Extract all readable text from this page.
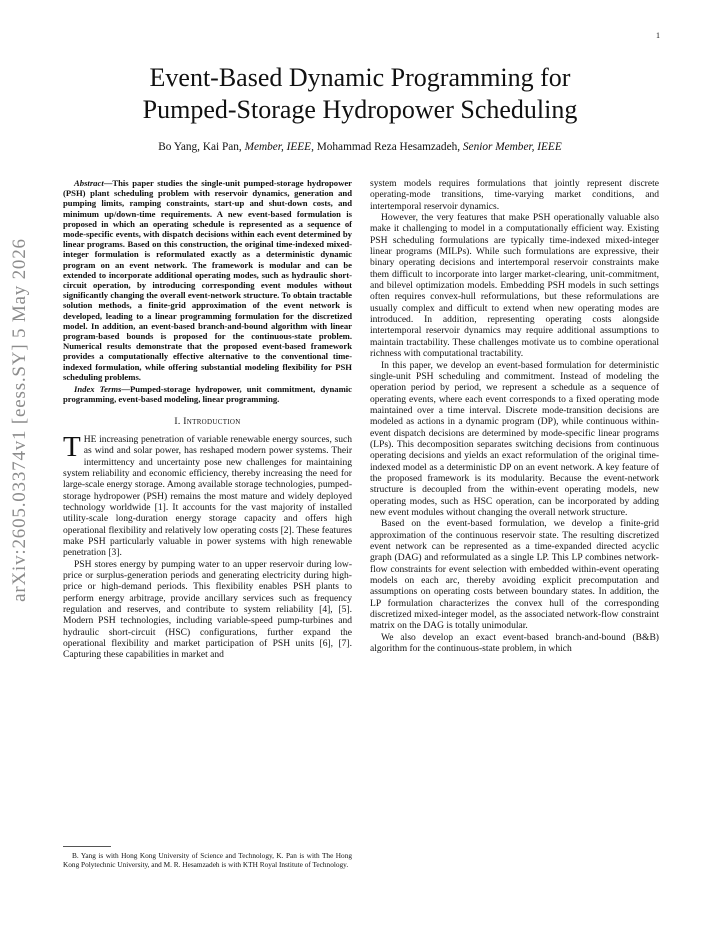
1
arXiv:2605.03374v1 [eess.SY] 5 May 2026
Event-Based Dynamic Programming for
Pumped-Storage Hydropower Scheduling
Bo Yang, Kai Pan, Member, IEEE, Mohammad Reza Hesamzadeh, Senior Member, IEEE

Abstract—This paper studies the single-unit pumped-storage hydropower (PSH) plant scheduling problem with reservoir dynamics, generation and pumping limits, ramping constraints, start-up and shut-down costs, and minimum up/down-time requirements. A new event-based formulation is proposed in which an operating schedule is represented as a sequence of mode-specific events, with dispatch decisions within each event determined by linear programs. Based on this construction, the original time-indexed mixed-integer formulation is reformulated exactly as a deterministic dynamic program on an event network. The framework is modular and can be extended to incorporate additional operating modes, such as hydraulic short-circuit operation, by introducing corresponding event modules without significantly changing the overall event-network structure. To obtain tractable solution methods, a finite-grid approximation of the event network is developed, leading to a linear programming formulation for the discretized model. In addition, an event-based branch-and-bound algorithm with linear program-based bounds is proposed for the continuous-state problem. Numerical results demonstrate that the proposed event-based framework provides a computationally effective alternative to the conventional time-indexed formulation, while offering substantial modeling flexibility for PSH scheduling problems.

Index Terms—Pumped-storage hydropower, unit commitment, dynamic programming, event-based modeling, linear programming.

I. Introduction

THE increasing penetration of variable renewable energy sources, such as wind and solar power, has reshaped modern power systems. Their intermittency and uncertainty pose new challenges for maintaining system reliability and economic efficiency, thereby increasing the need for large-scale energy storage. Among available storage technologies, pumped-storage hydropower (PSH) remains the most mature and widely deployed technology worldwide [1]. It accounts for the vast majority of installed utility-scale long-duration energy storage capacity and offers high operational flexibility and relatively low operating costs [2]. These features make PSH particularly valuable in power systems with high renewable penetration [3].

PSH stores energy by pumping water to an upper reservoir during low-price or surplus-generation periods and generating electricity during high-price or high-demand periods. This flexibility enables PSH plants to perform energy arbitrage, provide ancillary services such as frequency regulation and reserves, and contribute to system reliability [4], [5]. Modern PSH technologies, including variable-speed pump-turbines and hydraulic short-circuit (HSC) configurations, further expand the operational flexibility and market participation of PSH units [6], [7]. Capturing these capabilities in market and

system models requires formulations that jointly represent discrete operating-mode transitions, time-varying market conditions, and intertemporal reservoir dynamics.

However, the very features that make PSH operationally valuable also make it challenging to model in a computationally efficient way. Existing PSH scheduling formulations are typically time-indexed mixed-integer linear programs (MILPs). While such formulations are expressive, their binary operating decisions and intertemporal reservoir constraints make them difficult to incorporate into larger market-clearing, unit-commitment, and bilevel optimization models. Embedding PSH models in such settings often requires convex-hull reformulations, but these reformulations are usually complex and difficult to extend when new operating modes are introduced. In addition, representing operating costs alongside intertemporal reservoir dynamics may require additional assumptions to maintain tractability. These challenges motivate us to combine operational richness with computational tractability.

In this paper, we develop an event-based formulation for deterministic single-unit PSH scheduling and commitment. Instead of modeling the operation period by period, we represent a schedule as a sequence of operating events, where each event corresponds to a fixed operating mode maintained over a time interval. Discrete mode-transition decisions are modeled as actions in a dynamic program (DP), while continuous within-event dispatch decisions are determined by mode-specific linear programs (LPs). This decomposition separates switching decisions from continuous operating decisions and yields an exact reformulation of the original time-indexed model as a deterministic DP on an event network. A key feature of the proposed framework is its modularity. Because the event-network structure is decoupled from the within-event operating models, new operating modes, such as HSC operation, can be incorporated by adding new event modules without changing the overall network structure.

Based on the event-based formulation, we develop a finite-grid approximation of the continuous reservoir state. The resulting discretized event network can be represented as a time-expanded directed acyclic graph (DAG) and reformulated as a single LP. This LP combines network-flow constraints for event selection with embedded within-event operating models on each arc, thereby avoiding explicit precomputation and assumptions on operating costs between boundary states. In addition, the LP formulation characterizes the convex hull of the corresponding discretized mixed-integer model, as the associated network-flow constraint matrix on the DAG is totally unimodular.

We also develop an exact event-based branch-and-bound (B&B) algorithm for the continuous-state problem, in which

B. Yang is with Hong Kong University of Science and Technology, K. Pan is with The Hong Kong Polytechnic University, and M. R. Hesamzadeh is with KTH Royal Institute of Technology.
